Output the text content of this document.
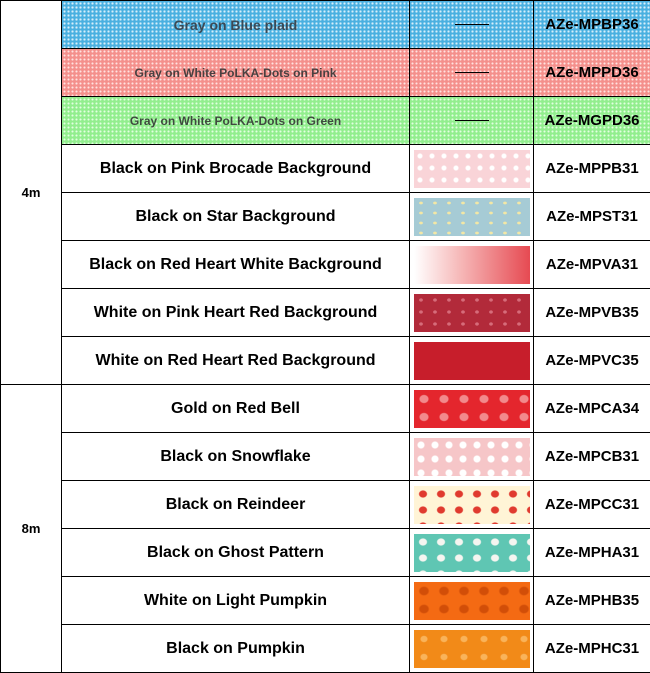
4m	Gray on Blue plaid		AZe-MPBP36
	Gray on White PoLKA-Dots on Pink		AZe-MPPD36
	Gray on White PoLKA-Dots on Green		AZe-MGPD36
	Black on Pink Brocade Background		AZe-MPPB31
	Black on Star Background		AZe-MPST31
	Black on Red Heart White Background		AZe-MPVA31
	White on Pink Heart Red Background		AZe-MPVB35
	White on Red Heart Red Background		AZe-MPVC35
8m	Gold on Red Bell		AZe-MPCA34
	Black on Snowflake		AZe-MPCB31
	Black on Reindeer		AZe-MPCC31
	Black on Ghost Pattern		AZe-MPHA31
	White on Light Pumpkin		AZe-MPHB35
	Black on Pumpkin		AZe-MPHC31
